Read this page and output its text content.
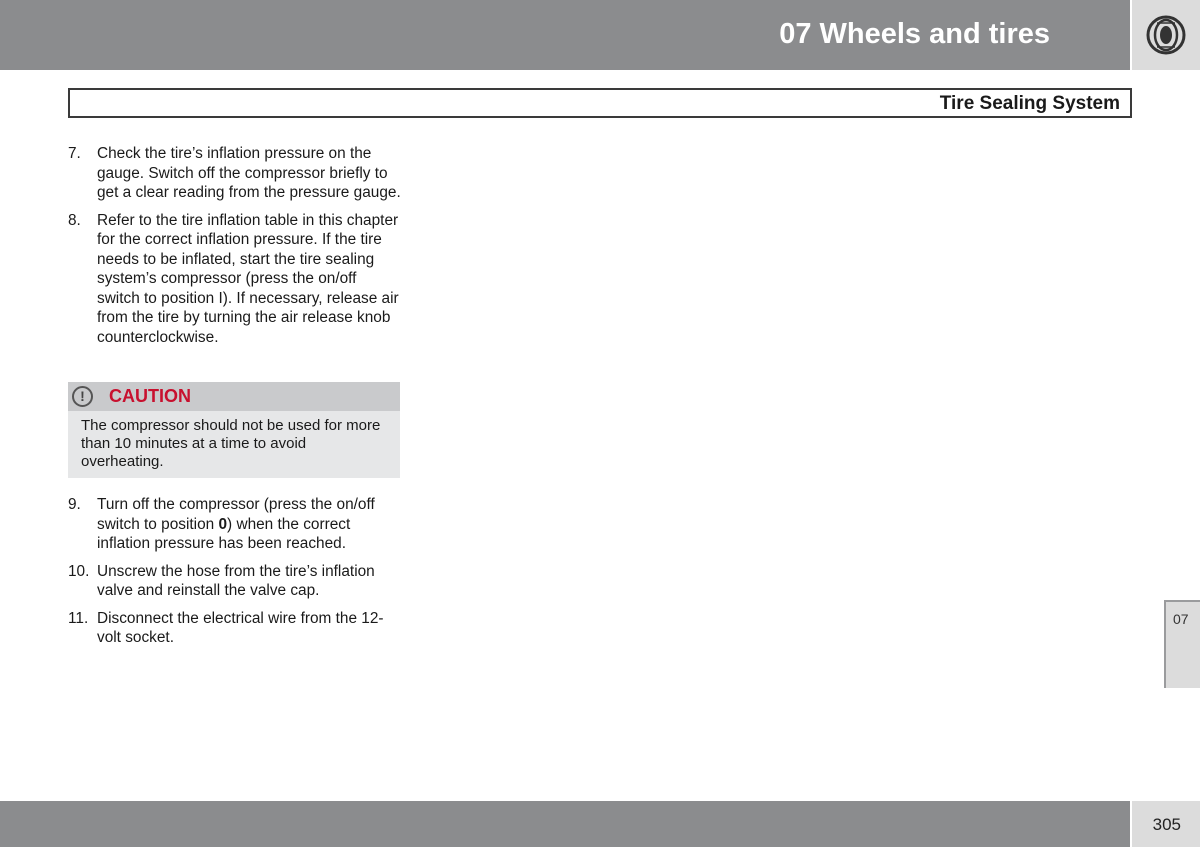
07 Wheels and tires
Tire Sealing System
7.	Check the tire’s inflation pressure on the gauge. Switch off the compressor briefly to get a clear reading from the pressure gauge.
8.	Refer to the tire inflation table in this chapter for the correct inflation pressure. If the tire needs to be inflated, start the tire sealing system’s compressor (press the on/off switch to position I). If necessary, release air from the tire by turning the air release knob counterclockwise.
!	CAUTION
The compressor should not be used for more than 10 minutes at a time to avoid overheating.
9.	Turn off the compressor (press the on/off switch to position 0) when the correct inflation pressure has been reached.
10. Unscrew the hose from the tire’s inflation valve and reinstall the valve cap.
11. Disconnect the electrical wire from the 12-volt socket.
07
305
